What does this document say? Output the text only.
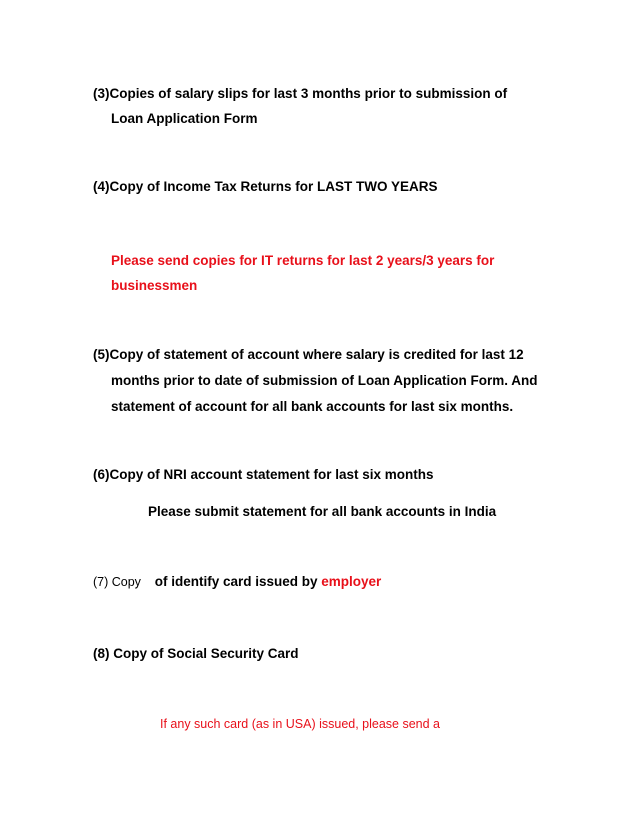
(3)Copies of salary slips for last 3 months prior to submission of
Loan Application Form
(4)Copy of Income Tax Returns for LAST TWO YEARS
Please send copies for IT returns for last 2 years/3 years for
businessmen
(5)Copy of statement of account where salary is credited for last 12
months prior to date of submission of Loan Application Form. And
statement of account for all bank accounts for last six months.
(6)Copy of NRI account statement for last six months
Please submit statement for all bank accounts in India
(7) Copy of identify card issued by employer
(8) Copy of Social Security Card
If any such card (as in USA) issued, please send a
